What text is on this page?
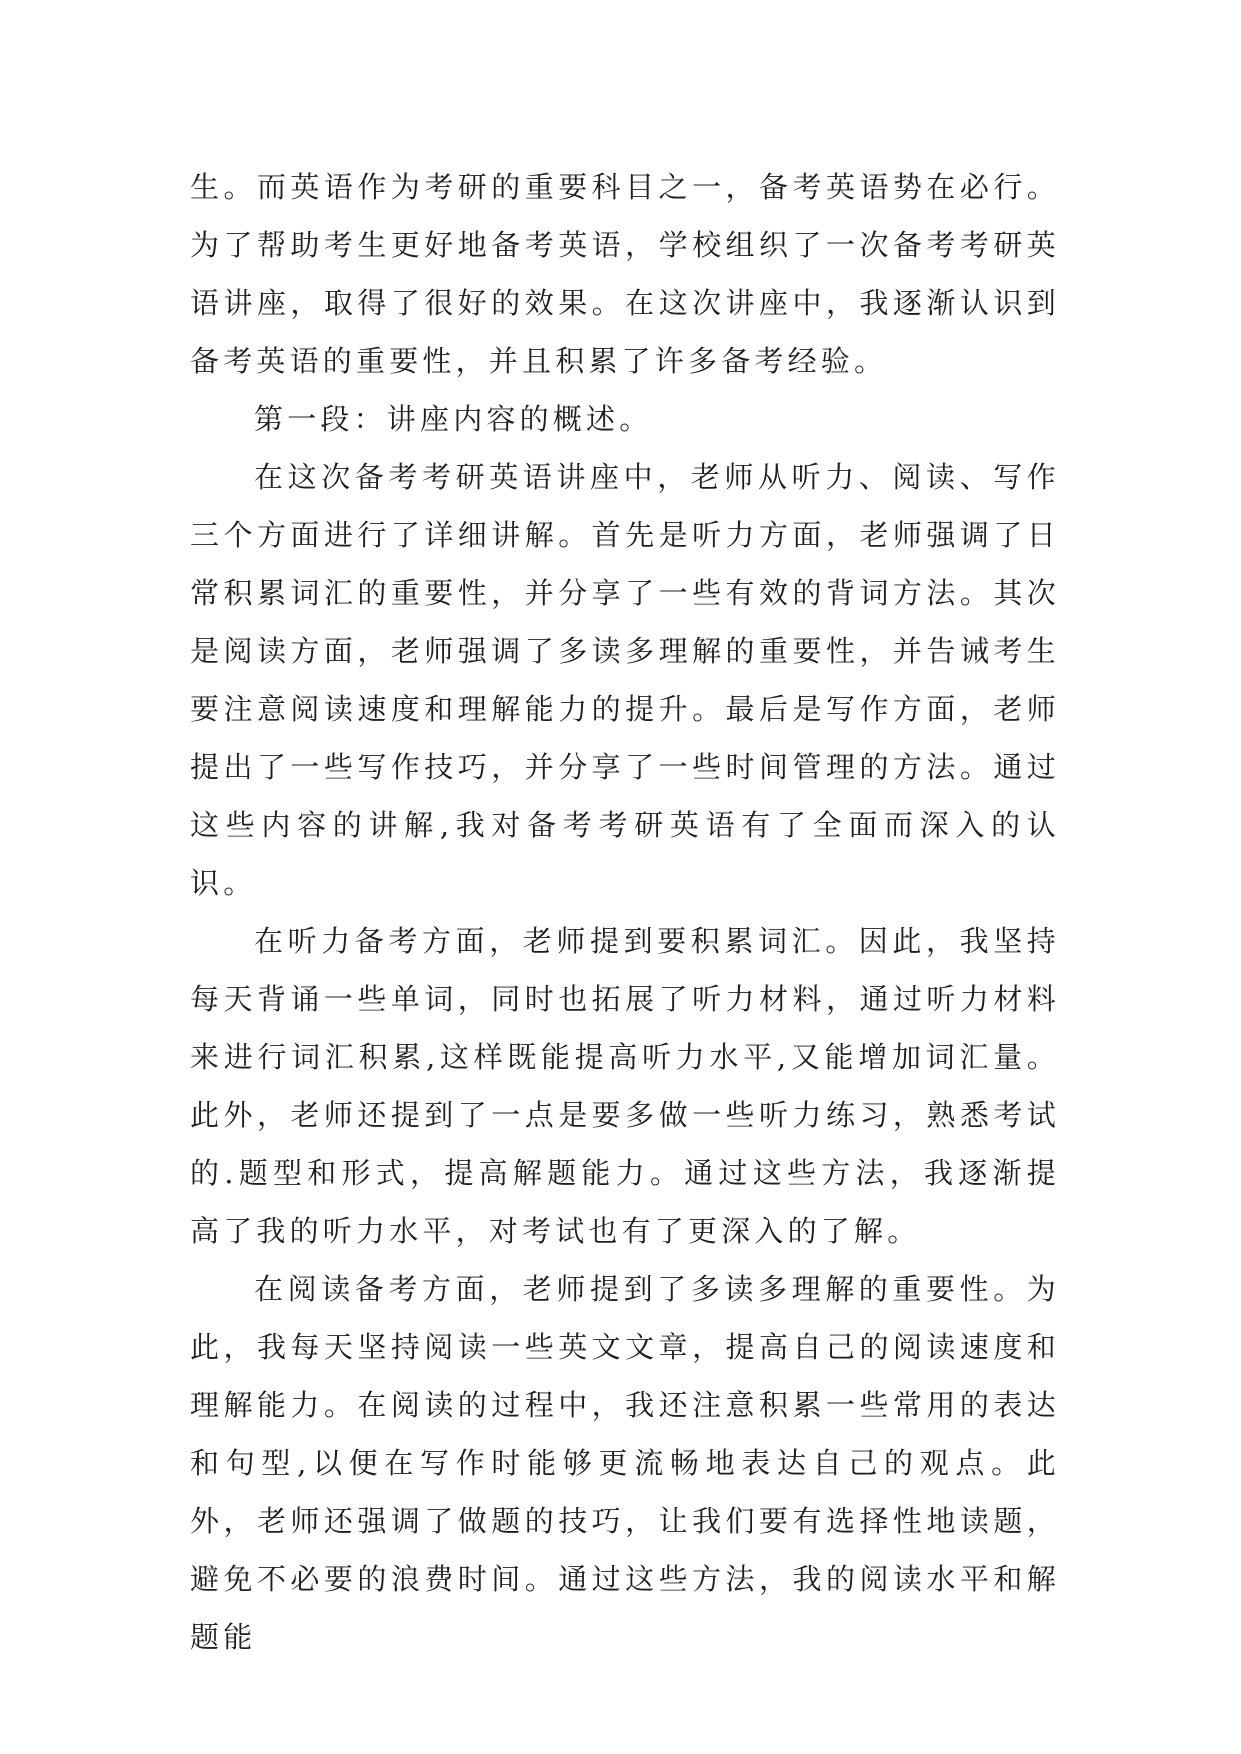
生。而英语作为考研的重要科目之一，备考英语势在必行。为了帮助考生更好地备考英语，学校组织了一次备考考研英语讲座，取得了很好的效果。在这次讲座中，我逐渐认识到备考英语的重要性，并且积累了许多备考经验。

第一段：讲座内容的概述。

在这次备考考研英语讲座中，老师从听力、阅读、写作三个方面进行了详细讲解。首先是听力方面，老师强调了日常积累词汇的重要性，并分享了一些有效的背词方法。其次是阅读方面，老师强调了多读多理解的重要性，并告诫考生要注意阅读速度和理解能力的提升。最后是写作方面，老师提出了一些写作技巧，并分享了一些时间管理的方法。通过这些内容的讲解,我对备考考研英语有了全面而深入的认识。

在听力备考方面，老师提到要积累词汇。因此，我坚持每天背诵一些单词，同时也拓展了听力材料，通过听力材料来进行词汇积累,这样既能提高听力水平,又能增加词汇量。此外，老师还提到了一点是要多做一些听力练习，熟悉考试的.题型和形式，提高解题能力。通过这些方法，我逐渐提高了我的听力水平，对考试也有了更深入的了解。

在阅读备考方面，老师提到了多读多理解的重要性。为此，我每天坚持阅读一些英文文章，提高自己的阅读速度和理解能力。在阅读的过程中，我还注意积累一些常用的表达和句型,以便在写作时能够更流畅地表达自己的观点。此外，老师还强调了做题的技巧，让我们要有选择性地读题，避免不必要的浪费时间。通过这些方法，我的阅读水平和解题能
